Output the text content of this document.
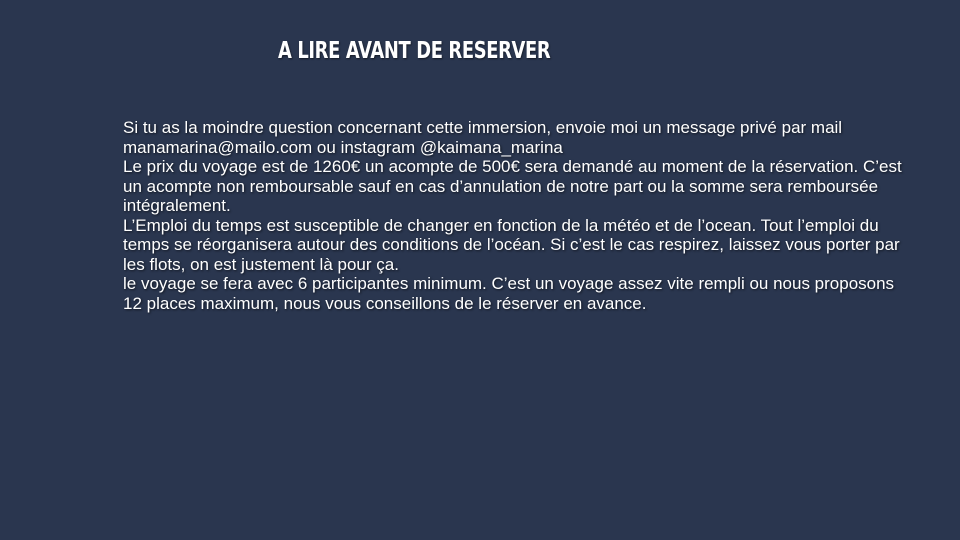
A LIRE AVANT DE RESERVER

Si tu as la moindre question concernant cette immersion, envoie moi un message privé par mail manamarina@mailo.com ou instagram @kaimana_marina

Le prix du voyage est de 1260€ un acompte de 500€ sera demandé au moment de la réservation. C’est un acompte non remboursable sauf en cas d’annulation de notre part ou la somme sera remboursée intégralement.

L’Emploi du temps est susceptible de changer en fonction de la météo et de l’ocean. Tout l’emploi du temps se réorganisera autour des conditions de l’océan. Si c’est le cas respirez, laissez vous porter par les flots, on est justement là pour ça.

le voyage se fera avec 6 participantes minimum. C’est un voyage assez vite rempli ou nous proposons 12 places maximum, nous vous conseillons de le réserver en avance.
